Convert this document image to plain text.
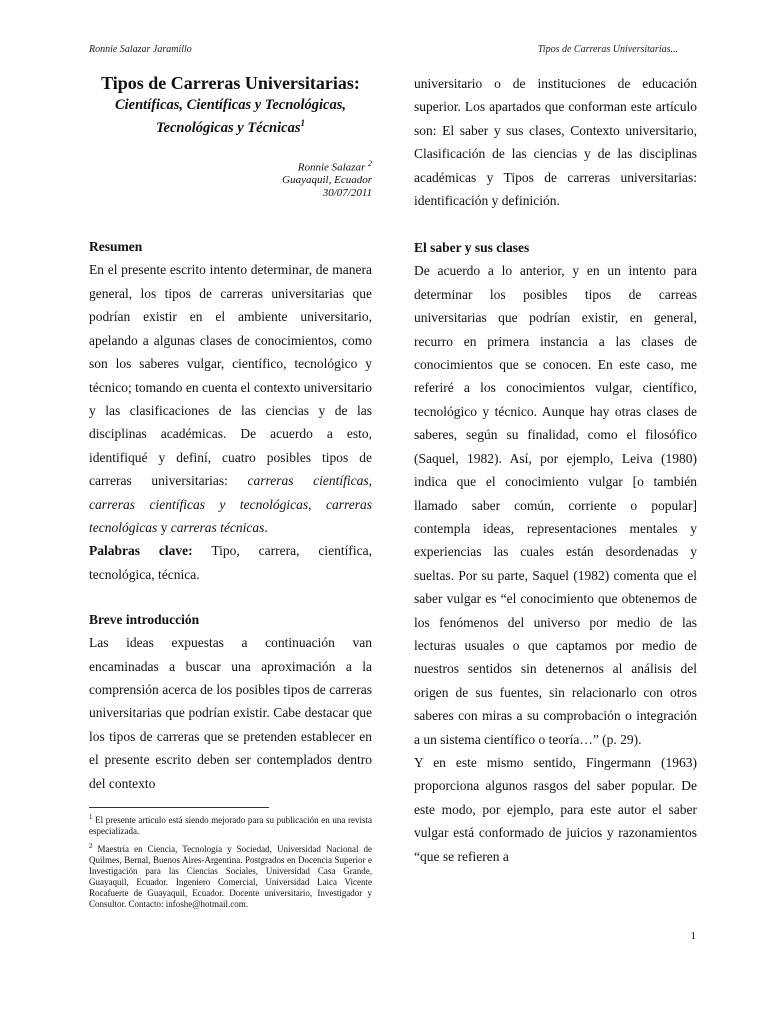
Ronnie Salazar Jaramillo	Tipos de Carreras Universitarias...
Tipos de Carreras Universitarias:

Científicas, Científicas y Tecnológicas,
Tecnológicas y Técnicas$^1$

Ronnie Salazar $^2$
Guayaquil, Ecuador
30/07/2011
Resumen

En el presente escrito intento determinar, de manera general, los tipos de carreras universitarias que podrían existir en el ambiente universitario, apelando a algunas clases de conocimientos, como son los saberes vulgar, científico, tecnológico y técnico; tomando en cuenta el contexto universitario y las clasificaciones de las ciencias y de las disciplinas académicas. De acuerdo a esto, identifiqué y definí, cuatro posibles tipos de carreras universitarias: carreras científicas, carreras científicas y tecnológicas, carreras tecnológicas y carreras técnicas.

Palabras clave: Tipo, carrera, científica, tecnológica, técnica.

Breve introducción

Las ideas expuestas a continuación van encaminadas a buscar una aproximación a la comprensión acerca de los posibles tipos de carreras universitarias que podrían existir. Cabe destacar que los tipos de carreras que se pretenden establecer en el presente escrito deben ser contemplados dentro del contexto

$^1$ El presente artículo está siendo mejorado para su publicación en una revista especializada.

$^2$ Maestría en Ciencia, Tecnología y Sociedad, Universidad Nacional de Quilmes, Bernal, Buenos Aires-Argentina. Postgrados en Docencia Superior e Investigación para las Ciencias Sociales, Universidad Casa Grande, Guayaquil, Ecuador. Ingeniero Comercial, Universidad Laica Vicente Rocafuerte de Guayaquil, Ecuador. Docente universitario, Investigador y Consultor. Contacto: infoshe@hotmail.com.

universitario o de instituciones de educación superior. Los apartados que conforman este artículo son: El saber y sus clases, Contexto universitario, Clasificación de las ciencias y de las disciplinas académicas y Tipos de carreras universitarias: identificación y definición.

El saber y sus clases

De acuerdo a lo anterior, y en un intento para determinar los posibles tipos de carreas universitarias que podrían existir, en general, recurro en primera instancia a las clases de conocimientos que se conocen. En este caso, me referiré a los conocimientos vulgar, científico, tecnológico y técnico. Aunque hay otras clases de saberes, según su finalidad, como el filosófico (Saquel, 1982). Así, por ejemplo, Leiva (1980) indica que el conocimiento vulgar [o también llamado saber común, corriente o popular] contempla ideas, representaciones mentales y experiencias las cuales están desordenadas y sueltas. Por su parte, Saquel (1982) comenta que el saber vulgar es “el conocimiento que obtenemos de los fenómenos del universo por medio de las lecturas usuales o que captamos por medio de nuestros sentidos sin detenernos al análisis del origen de sus fuentes, sin relacionarlo con otros saberes con miras a su comprobación o integración a un sistema científico o teoría…” (p. 29).

Y en este mismo sentido, Fingermann (1963) proporciona algunos rasgos del saber popular. De este modo, por ejemplo, para este autor el saber vulgar está conformado de juicios y razonamientos “que se refieren a

1
